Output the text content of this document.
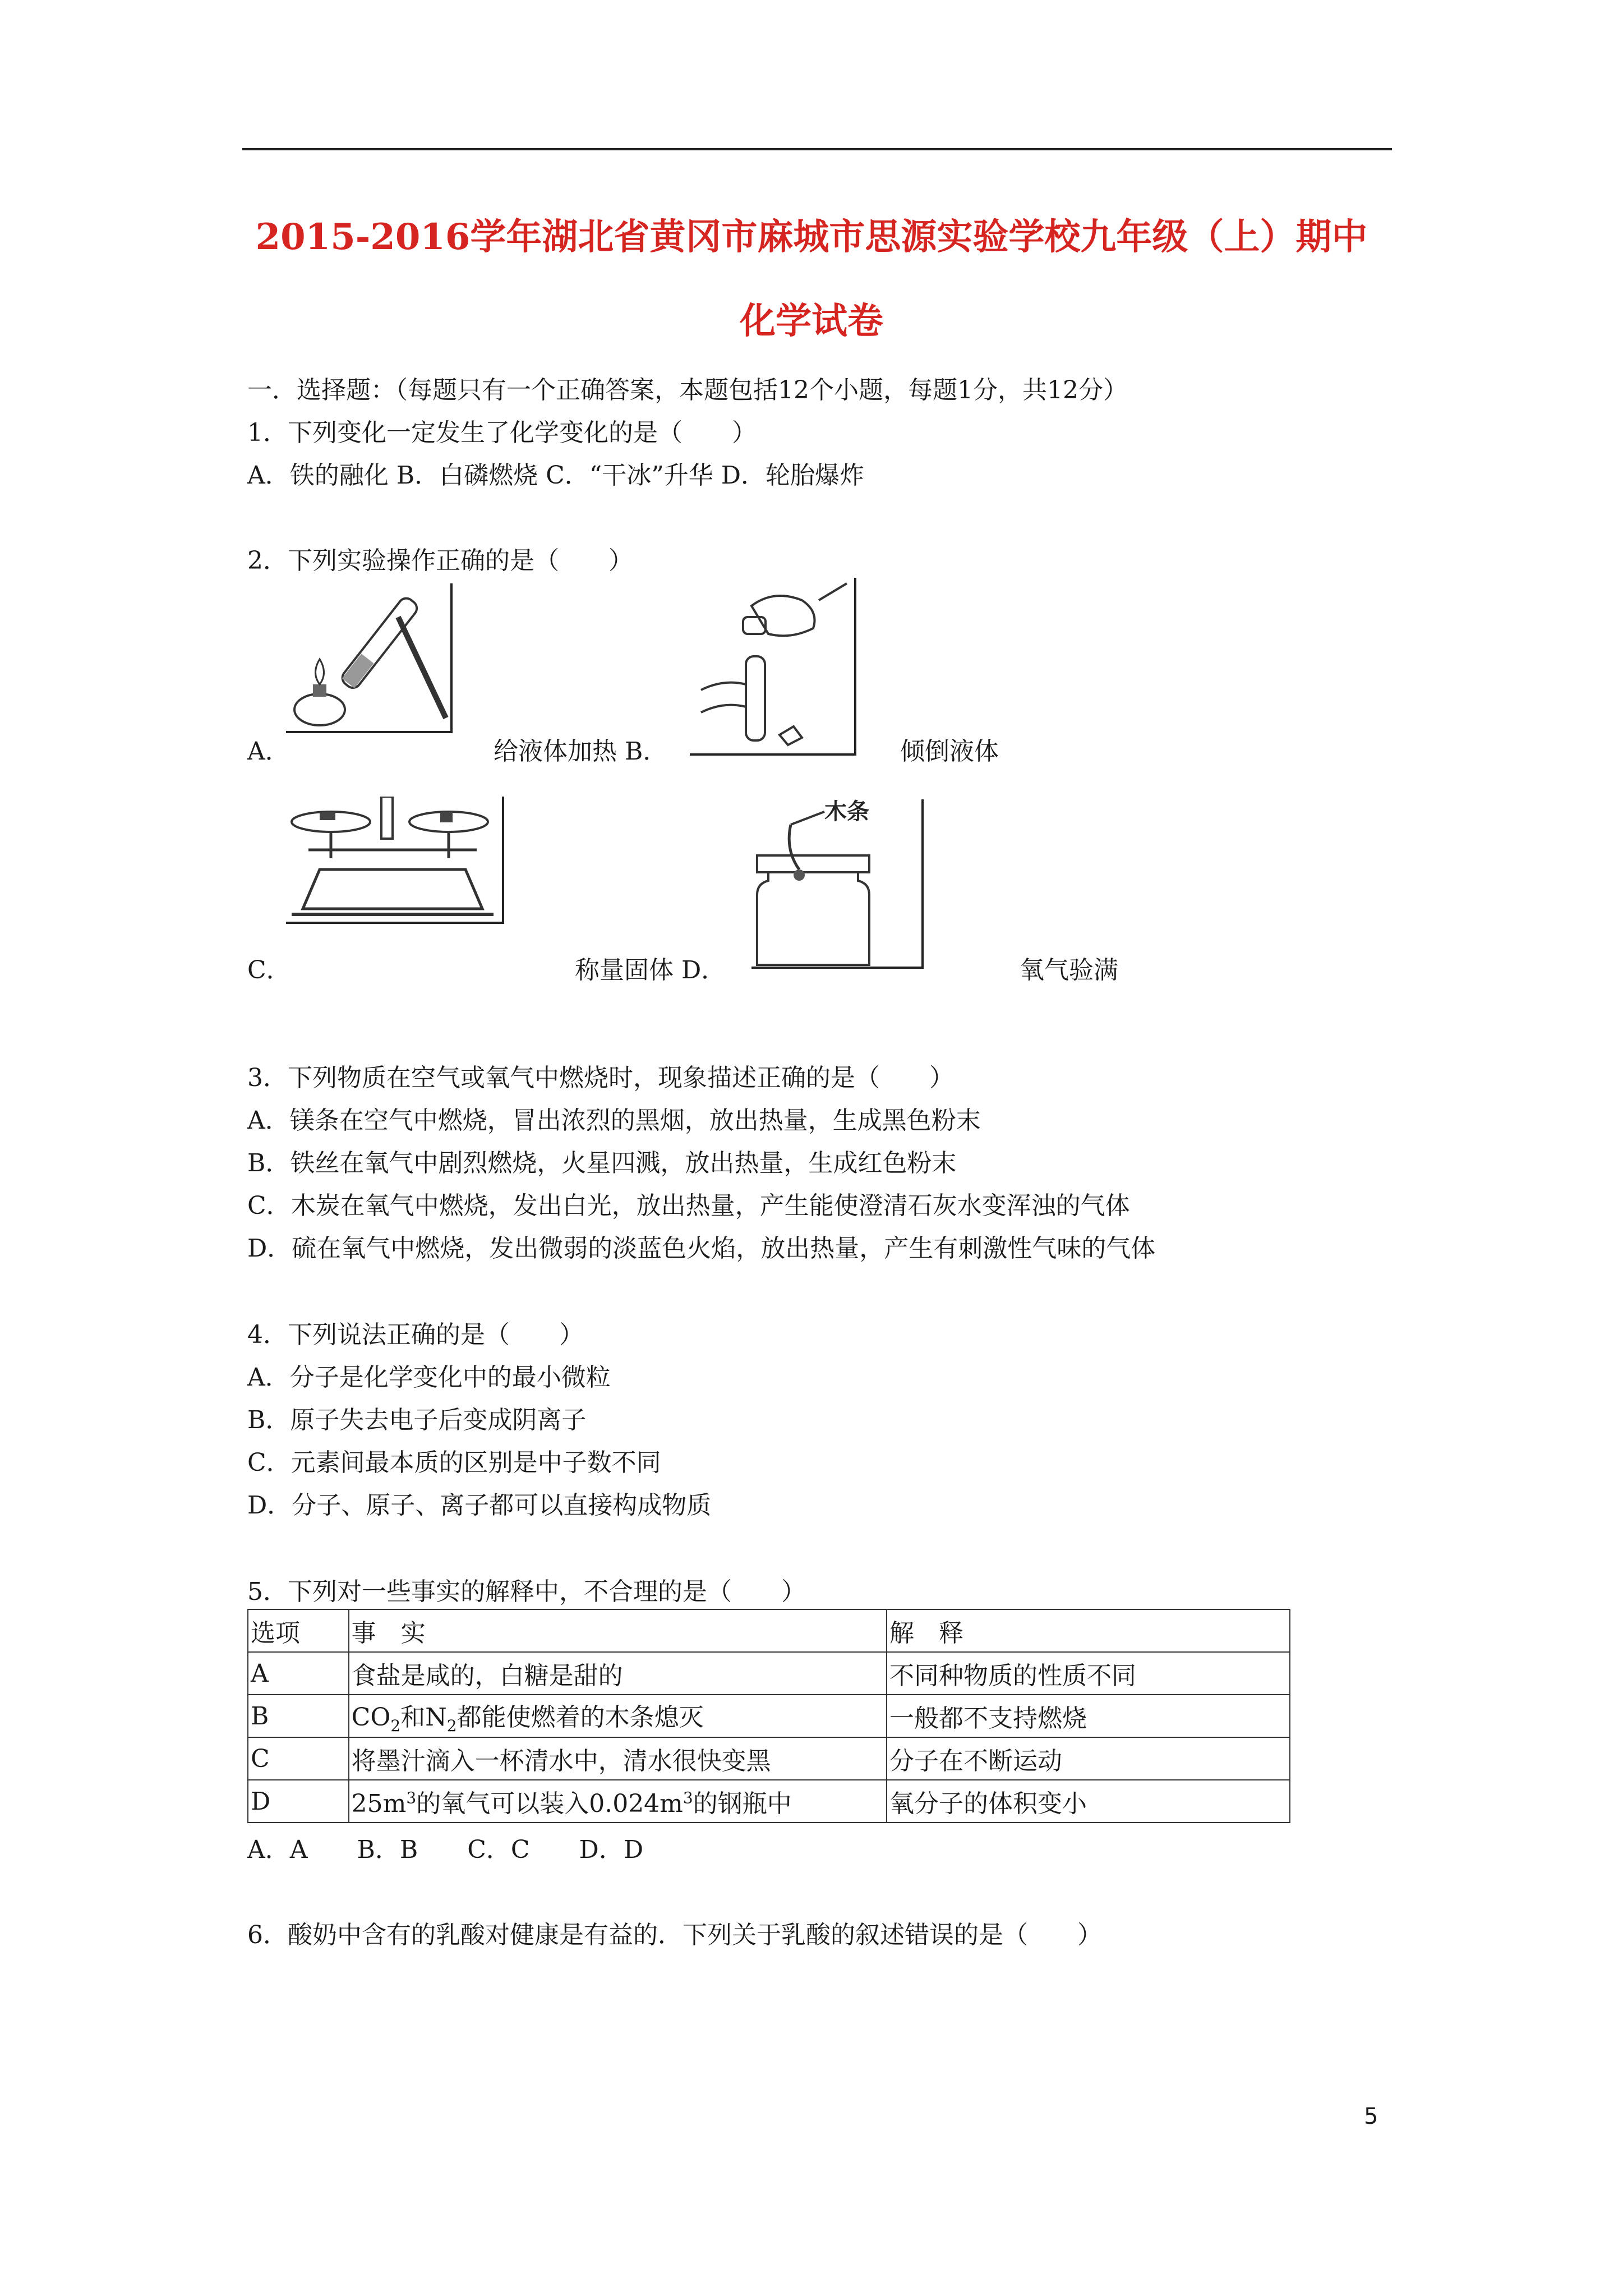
2015-2016学年湖北省黄冈市麻城市思源实验学校九年级（上）期中
化学试卷
一．选择题：（每题只有一个正确答案，本题包括12个小题，每题1分，共12分）
1．下列变化一定发生了化学变化的是（　　）
A．铁的融化 B．白磷燃烧 C．“干冰”升华 D．轮胎爆炸
2．下列实验操作正确的是（　　）
A．	给液体加热 B．	倾倒液体
C．	称量固体 D．
木条
氧气验满
3．下列物质在空气或氧气中燃烧时，现象描述正确的是（　　）
A．镁条在空气中燃烧，冒出浓烈的黑烟，放出热量，生成黑色粉末
B．铁丝在氧气中剧烈燃烧，火星四溅，放出热量，生成红色粉末
C．木炭在氧气中燃烧，发出白光，放出热量，产生能使澄清石灰水变浑浊的气体
D．硫在氧气中燃烧，发出微弱的淡蓝色火焰，放出热量，产生有刺激性气味的气体
4．下列说法正确的是（　　）
A．分子是化学变化中的最小微粒
B．原子失去电子后变成阴离子
C．元素间最本质的区别是中子数不同
D．分子、原子、离子都可以直接构成物质
5．下列对一些事实的解释中，不合理的是（　　）
选项	事　实	解　释
A	食盐是咸的，白糖是甜的	不同种物质的性质不同
B	$CO_2$和$N_2$都能使燃着的木条熄灭	一般都不支持燃烧
C	将墨汁滴入一杯清水中，清水很快变黑	分子在不断运动
D	$25m^3$的氧气可以装入$0.024m^3$的钢瓶中	氧分子的体积变小
A．A　　B．B　　C．C　　D．D
6．酸奶中含有的乳酸对健康是有益的．下列关于乳酸的叙述错误的是（　　）
5
